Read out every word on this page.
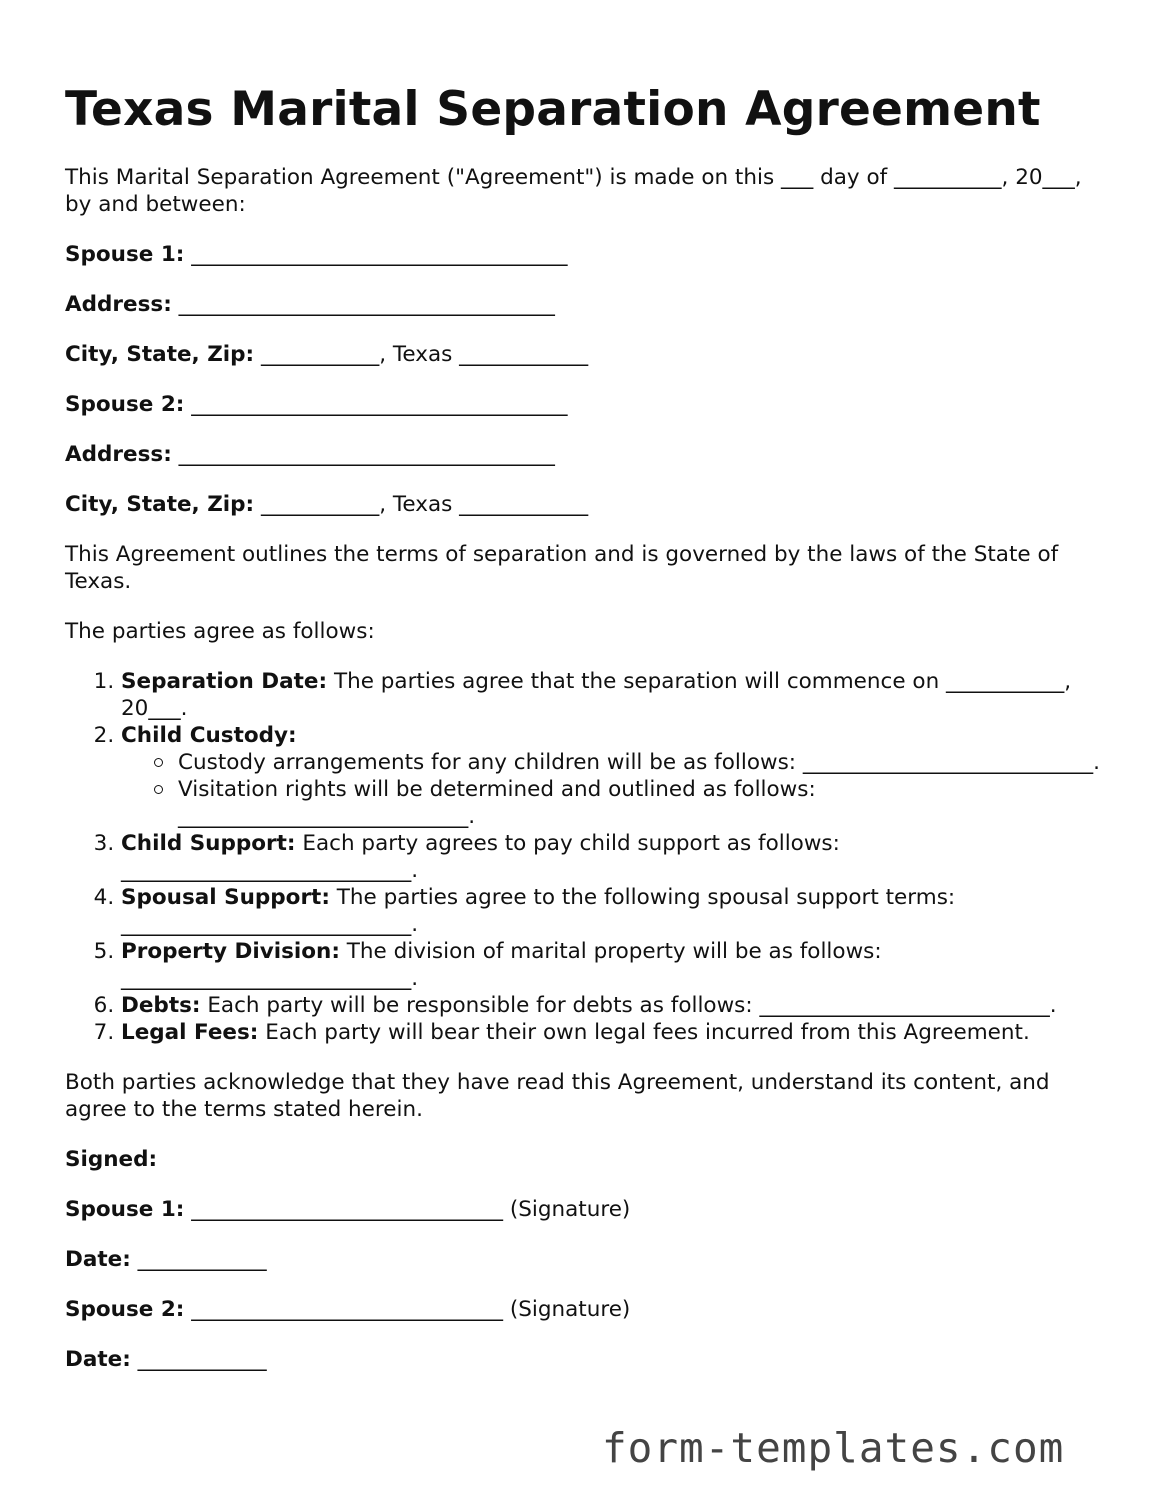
Texas Marital Separation Agreement

This Marital Separation Agreement ("Agreement") is made on this ___ day of __________, 20___, by and between:

Spouse 1: ___________________________________
Address: ___________________________________
City, State, Zip: ___________, Texas ____________
Spouse 2: ___________________________________
Address: ___________________________________
City, State, Zip: ___________, Texas ____________

This Agreement outlines the terms of separation and is governed by the laws of the State of Texas.

The parties agree as follows:

1. Separation Date: The parties agree that the separation will commence on ___________, 20___.
2. Child Custody:
Custody arrangements for any children will be as follows: ___________________________.
Visitation rights will be determined and outlined as follows: ___________________________.
3. Child Support: Each party agrees to pay child support as follows: ___________________________.
4. Spousal Support: The parties agree to the following spousal support terms: ___________________________.
5. Property Division: The division of marital property will be as follows: ___________________________.
6. Debts: Each party will be responsible for debts as follows: ___________________________.
7. Legal Fees: Each party will bear their own legal fees incurred from this Agreement.

Both parties acknowledge that they have read this Agreement, understand its content, and agree to the terms stated herein.

Signed:
Spouse 1: _____________________________ (Signature)
Date: ____________
Spouse 2: _____________________________ (Signature)
Date: ____________
form-templates.com
